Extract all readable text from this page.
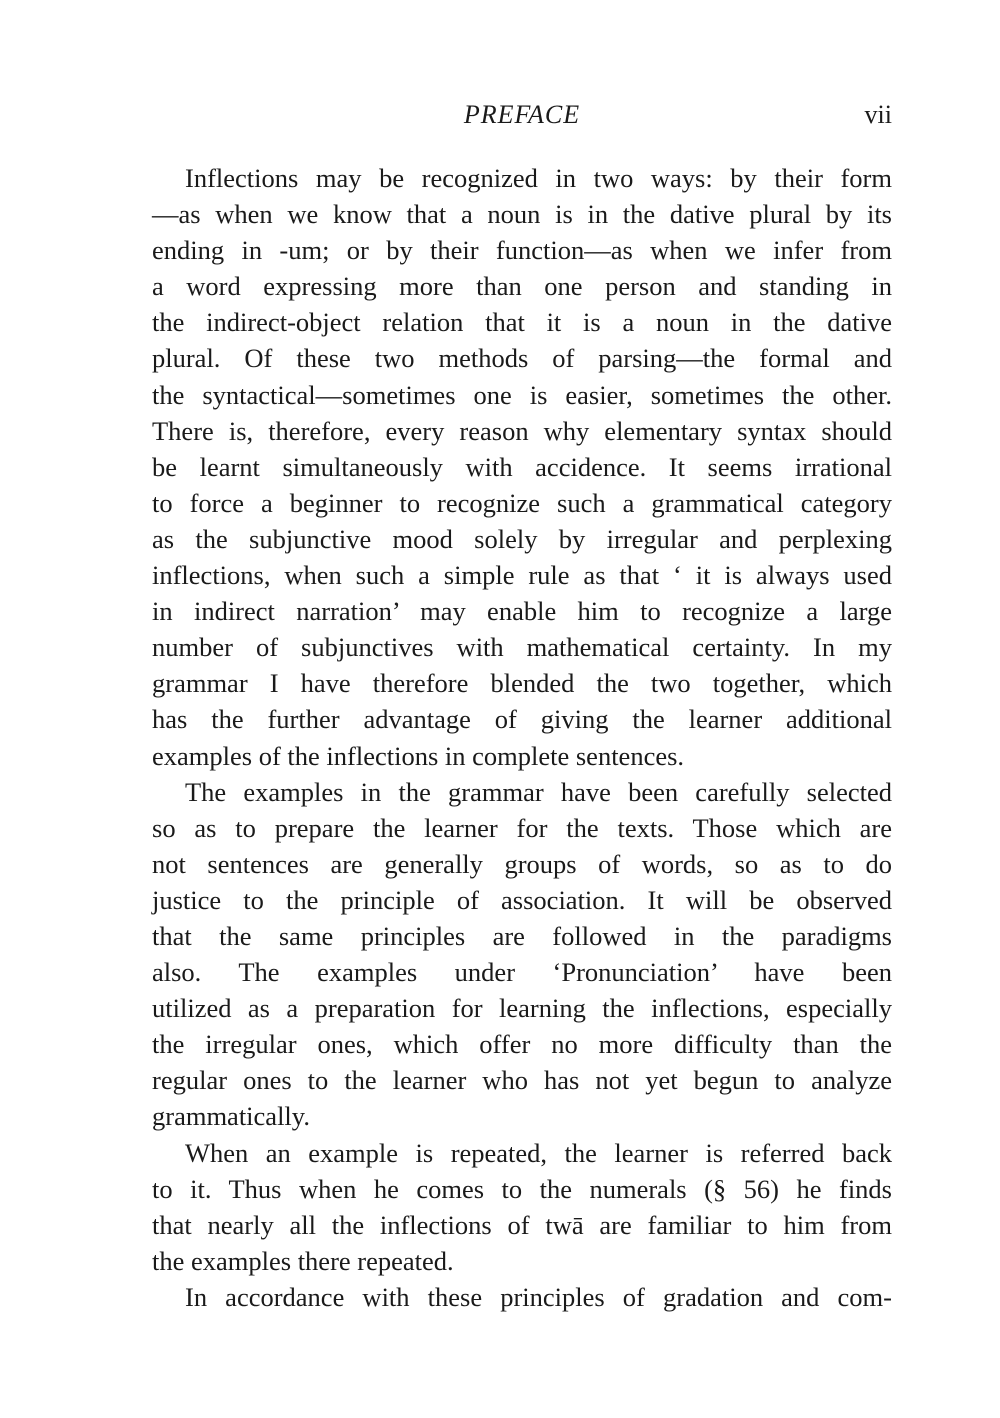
PREFACE	vii
Inflections may be recognized in two ways: by their form
—as when we know that a noun is in the dative plural by its
ending in -um; or by their function—as when we infer from
a word expressing more than one person and standing in
the indirect-object relation that it is a noun in the dative
plural. Of these two methods of parsing—the formal and
the syntactical—sometimes one is easier, sometimes the other.
There is, therefore, every reason why elementary syntax should
be learnt simultaneously with accidence. It seems irrational
to force a beginner to recognize such a grammatical category
as the subjunctive mood solely by irregular and perplexing
inflections, when such a simple rule as that ‘ it is always used
in indirect narration’ may enable him to recognize a large
number of subjunctives with mathematical certainty. In my
grammar I have therefore blended the two together, which
has the further advantage of giving the learner additional
examples of the inflections in complete sentences.
The examples in the grammar have been carefully selected
so as to prepare the learner for the texts. Those which are
not sentences are generally groups of words, so as to do
justice to the principle of association. It will be observed
that the same principles are followed in the paradigms
also. The examples under ‘Pronunciation’ have been
utilized as a preparation for learning the inflections, especially
the irregular ones, which offer no more difficulty than the
regular ones to the learner who has not yet begun to analyze
grammatically.
When an example is repeated, the learner is referred back
to it. Thus when he comes to the numerals (§ 56) he finds
that nearly all the inflections of twā are familiar to him from
the examples there repeated.
In accordance with these principles of gradation and com-
